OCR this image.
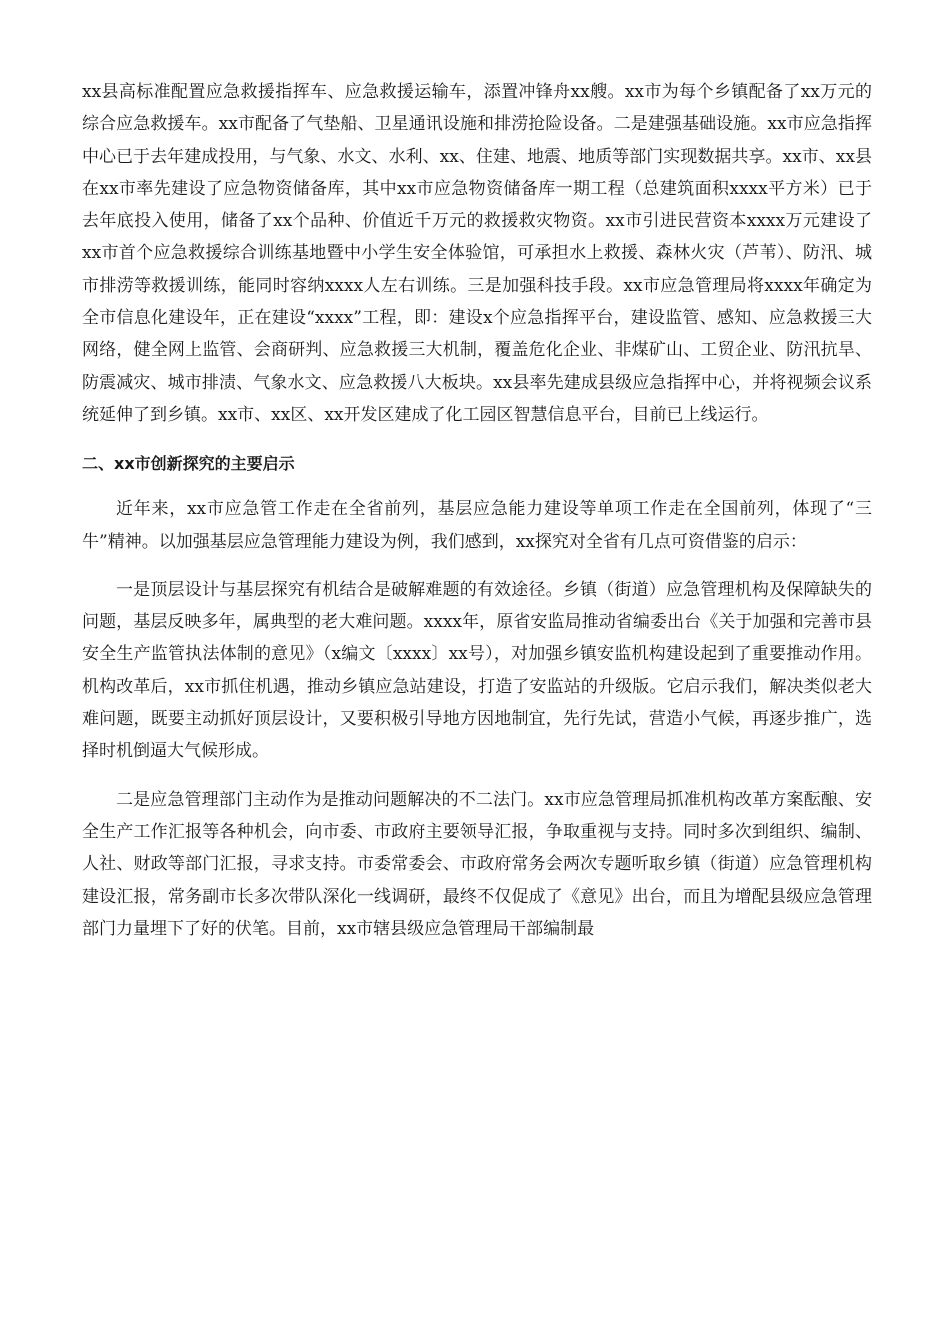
xx县高标准配置应急救援指挥车、应急救援运输车，添置冲锋舟xx艘。xx市为每个乡镇配备了xx万元的综合应急救援车。xx市配备了气垫船、卫星通讯设施和排涝抢险设备。二是建强基础设施。xx市应急指挥中心已于去年建成投用，与气象、水文、水利、xx、住建、地震、地质等部门实现数据共享。xx市、xx县在xx市率先建设了应急物资储备库，其中xx市应急物资储备库一期工程（总建筑面积xxxx平方米）已于去年底投入使用，储备了xx个品种、价值近千万元的救援救灾物资。xx市引进民营资本xxxx万元建设了xx市首个应急救援综合训练基地暨中小学生安全体验馆，可承担水上救援、森林火灾（芦苇）、防汛、城市排涝等救援训练，能同时容纳xxxx人左右训练。三是加强科技手段。xx市应急管理局将xxxx年确定为全市信息化建设年，正在建设“xxxx”工程，即：建设x个应急指挥平台，建设监管、感知、应急救援三大网络，健全网上监管、会商研判、应急救援三大机制，覆盖危化企业、非煤矿山、工贸企业、防汛抗旱、防震减灾、城市排渍、气象水文、应急救援八大板块。xx县率先建成县级应急指挥中心，并将视频会议系统延伸了到乡镇。xx市、xx区、xx开发区建成了化工园区智慧信息平台，目前已上线运行。

二、xx市创新探究的主要启示

近年来，xx市应急管工作走在全省前列，基层应急能力建设等单项工作走在全国前列，体现了“三牛”精神。以加强基层应急管理能力建设为例，我们感到，xx探究对全省有几点可资借鉴的启示：

一是顶层设计与基层探究有机结合是破解难题的有效途径。乡镇（街道）应急管理机构及保障缺失的问题，基层反映多年，属典型的老大难问题。xxxx年，原省安监局推动省编委出台《关于加强和完善市县安全生产监管执法体制的意见》（x编文〔xxxx〕xx号），对加强乡镇安监机构建设起到了重要推动作用。机构改革后，xx市抓住机遇，推动乡镇应急站建设，打造了安监站的升级版。它启示我们，解决类似老大难问题，既要主动抓好顶层设计，又要积极引导地方因地制宜，先行先试，营造小气候，再逐步推广，选择时机倒逼大气候形成。

二是应急管理部门主动作为是推动问题解决的不二法门。xx市应急管理局抓准机构改革方案酝酿、安全生产工作汇报等各种机会，向市委、市政府主要领导汇报，争取重视与支持。同时多次到组织、编制、人社、财政等部门汇报，寻求支持。市委常委会、市政府常务会两次专题听取乡镇（街道）应急管理机构建设汇报，常务副市长多次带队深化一线调研，最终不仅促成了《意见》出台，而且为增配县级应急管理部门力量埋下了好的伏笔。目前，xx市辖县级应急管理局干部编制最
